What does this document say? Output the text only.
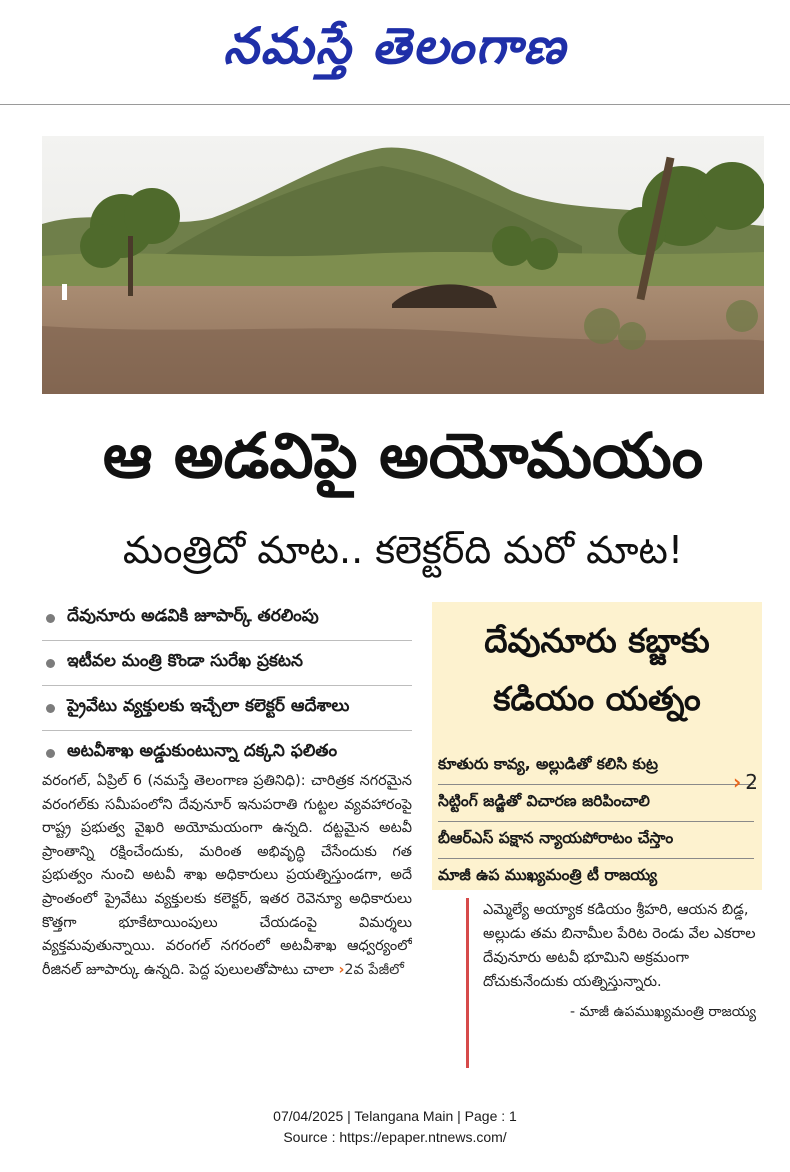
నమస్తే తెలంగాణ
ఆ అడవిపై అయోమయం
మంత్రిదో మాట.. కలెక్టర్‌ది మరో మాట!
దేవునూరు అడవికి జూపార్క్‌ తరలింపు
ఇటీవల మంత్రి కొండా సురేఖ ప్రకటన
ప్రైవేటు వ్యక్తులకు ఇచ్చేలా కలెక్టర్‌ ఆదేశాలు
అటవీశాఖ అడ్డుకుంటున్నా దక్కని ఫలితం
వరంగల్‌, ఏప్రిల్‌ 6 (నమస్తే తెలంగాణ ప్రతినిధి): చారిత్రక నగరమైన వరంగల్‌కు సమీపంలోని దేవునూర్‌ ఇనుపరాతి గుట్టల వ్యవహారంపై రాష్ట్ర ప్రభుత్వ వైఖరి అయోమయంగా ఉన్నది. దట్టమైన అటవీ ప్రాంతాన్ని రక్షించేందుకు, మరింత అభివృద్ధి చేసేందుకు గత ప్రభుత్వం నుంచి అటవీ శాఖ అధికారులు ప్రయత్నిస్తుండగా, అదే ప్రాంతంలో ప్రైవేటు వ్యక్తులకు కలెక్టర్‌, ఇతర రెవెన్యూ అధికారులు కొత్తగా భూకేటాయింపులు చేయడంపై విమర్శలు వ్యక్తమవుతున్నాయి. వరంగల్‌ నగరంలో అటవీశాఖ ఆధ్వర్యంలో రీజినల్‌ జూపార్కు ఉన్నది. పెద్ద పులులతోపాటు చాలా ›2వ పేజీలో
దేవునూరు కబ్జాకు
కడియం యత్నం
కూతురు కావ్య, అల్లుడితో కలిసి కుట్ర
సిట్టింగ్‌ జడ్జితో విచారణ జరిపించాలి
బీఆర్‌ఎస్‌ పక్షాన న్యాయపోరాటం చేస్తాం
మాజీ ఉప ముఖ్యమంత్రి టీ రాజయ్య
› 2
ఎమ్మెల్యే అయ్యాక కడియం శ్రీహరి, ఆయన బిడ్డ, అల్లుడు తమ బినామీల పేరిట రెండు వేల ఎకరాల దేవునూరు అటవీ భూమిని అక్రమంగా దోచుకునేందుకు యత్నిస్తున్నారు.
- మాజీ ఉపముఖ్యమంత్రి రాజయ్య
07/04/2025 | Telangana Main | Page : 1
Source : https://epaper.ntnews.com/
